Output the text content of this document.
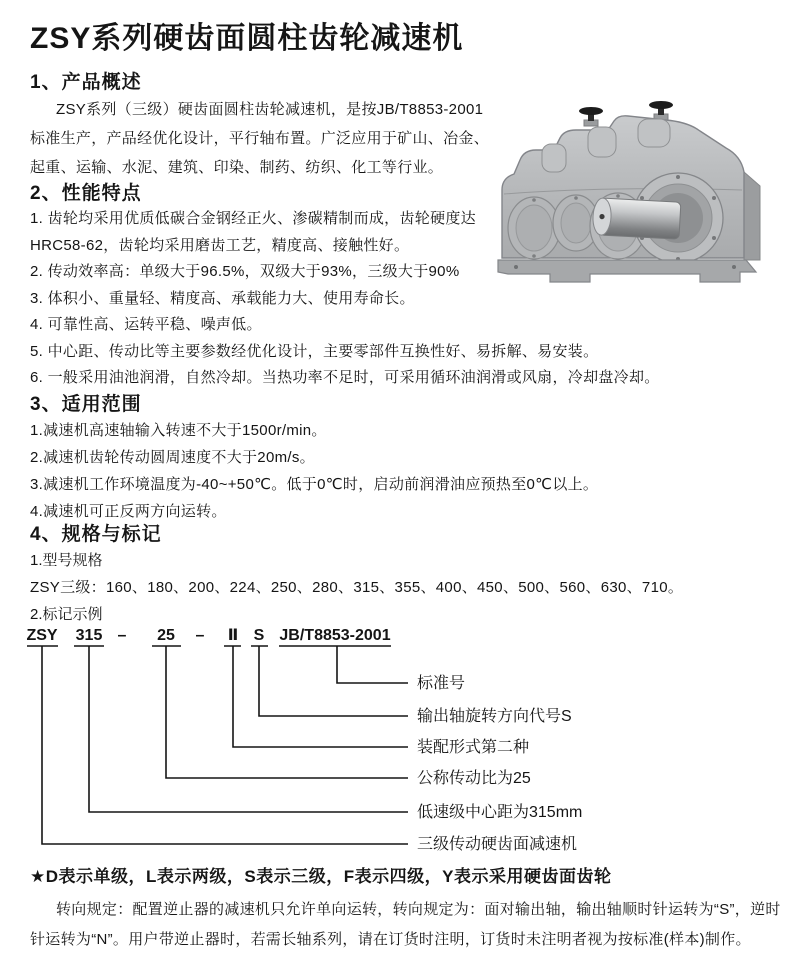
ZSY系列硬齿面圆柱齿轮减速机
1、产品概述
ZSY系列（三级）硬齿面圆柱齿轮减速机，是按JB/T8853-2001
标准生产，产品经优化设计，平行轴布置。广泛应用于矿山、冶金、
起重、运输、水泥、建筑、印染、制药、纺织、化工等行业。
2、性能特点
1. 齿轮均采用优质低碳合金钢经正火、渗碳精制而成，齿轮硬度达
HRC58-62，齿轮均采用磨齿工艺，精度高、接触性好。
2. 传动效率高：单级大于96.5%，双级大于93%，三级大于90%
3. 体积小、重量轻、精度高、承载能力大、使用寿命长。
4. 可靠性高、运转平稳、噪声低。
5. 中心距、传动比等主要参数经优化设计，主要零部件互换性好、易拆解、易安装。
6. 一般采用油池润滑，自然冷却。当热功率不足时，可采用循环油润滑或风扇，冷却盘冷却。
3、适用范围
1.减速机高速轴输入转速不大于1500r/min。
2.减速机齿轮传动圆周速度不大于20m/s。
3.减速机工作环境温度为-40~+50℃。低于0℃时，启动前润滑油应预热至0℃以上。
4.减速机可正反两方向运转。
4、规格与标记
1.型号规格
ZSY三级：160、180、200、224、250、280、315、355、400、450、500、560、630、710。
2.标记示例
ZSY 315 – 25 – Ⅱ S JB/T8853-2001
标准号
输出轴旋转方向代号S
装配形式第二种
公称传动比为25
低速级中心距为315mm
三级传动硬齿面减速机
★D表示单级，L表示两级，S表示三级，F表示四级，Y表示采用硬齿面齿轮
转向规定：配置逆止器的减速机只允许单向运转，转向规定为：面对输出轴，输出轴顺时针运转为“S”，逆时
针运转为“N”。用户带逆止器时，若需长轴系列，请在订货时注明，订货时未注明者视为按标准(样本)制作。
